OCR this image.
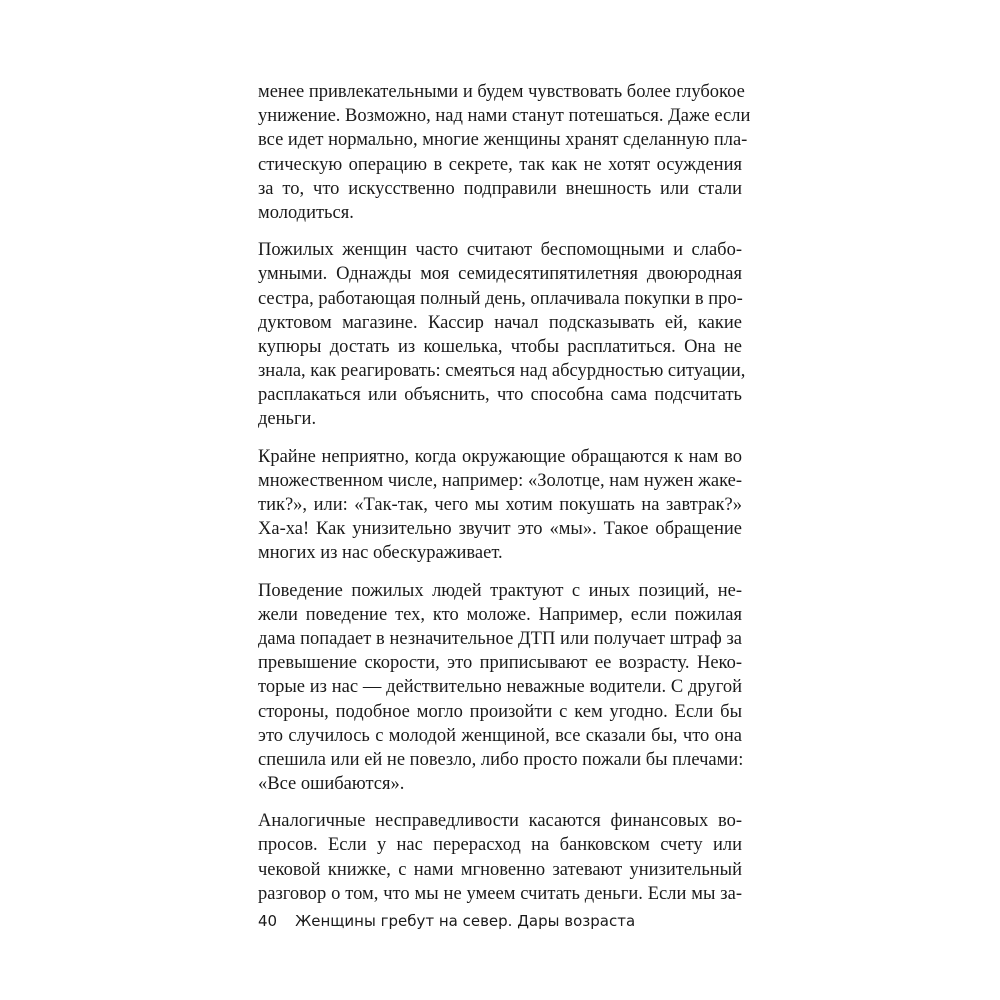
менее привлекательными и будем чувствовать более глубокое
унижение. Возможно, над нами станут потешаться. Даже если
все идет нормально, многие женщины хранят сделанную пла-
стическую операцию в секрете, так как не хотят осуждения
за то, что искусственно подправили внешность или стали
молодиться.
Пожилых женщин часто считают беспомощными и слабо-
умными. Однажды моя семидесятипятилетняя двоюродная
сестра, работающая полный день, оплачивала покупки в про-
дуктовом магазине. Кассир начал подсказывать ей, какие
купюры достать из кошелька, чтобы расплатиться. Она не
знала, как реагировать: смеяться над абсурдностью ситуации,
расплакаться или объяснить, что способна сама подсчитать
деньги.
Крайне неприятно, когда окружающие обращаются к нам во
множественном числе, например: «Золотце, нам нужен жаке-
тик?», или: «Так-так, чего мы хотим покушать на завтрак?»
Ха-ха! Как унизительно звучит это «мы». Такое обращение
многих из нас обескураживает.
Поведение пожилых людей трактуют с иных позиций, не-
жели поведение тех, кто моложе. Например, если пожилая
дама попадает в незначительное ДТП или получает штраф за
превышение скорости, это приписывают ее возрасту. Неко-
торые из нас — действительно неважные водители. С другой
стороны, подобное могло произойти с кем угодно. Если бы
это случилось с молодой женщиной, все сказали бы, что она
спешила или ей не повезло, либо просто пожали бы плечами:
«Все ошибаются».
Аналогичные несправедливости касаются финансовых во-
просов. Если у нас перерасход на банковском счету или
чековой книжке, с нами мгновенно затевают унизительный
разговор о том, что мы не умеем считать деньги. Если мы за-
40 Женщины гребут на север. Дары возраста
